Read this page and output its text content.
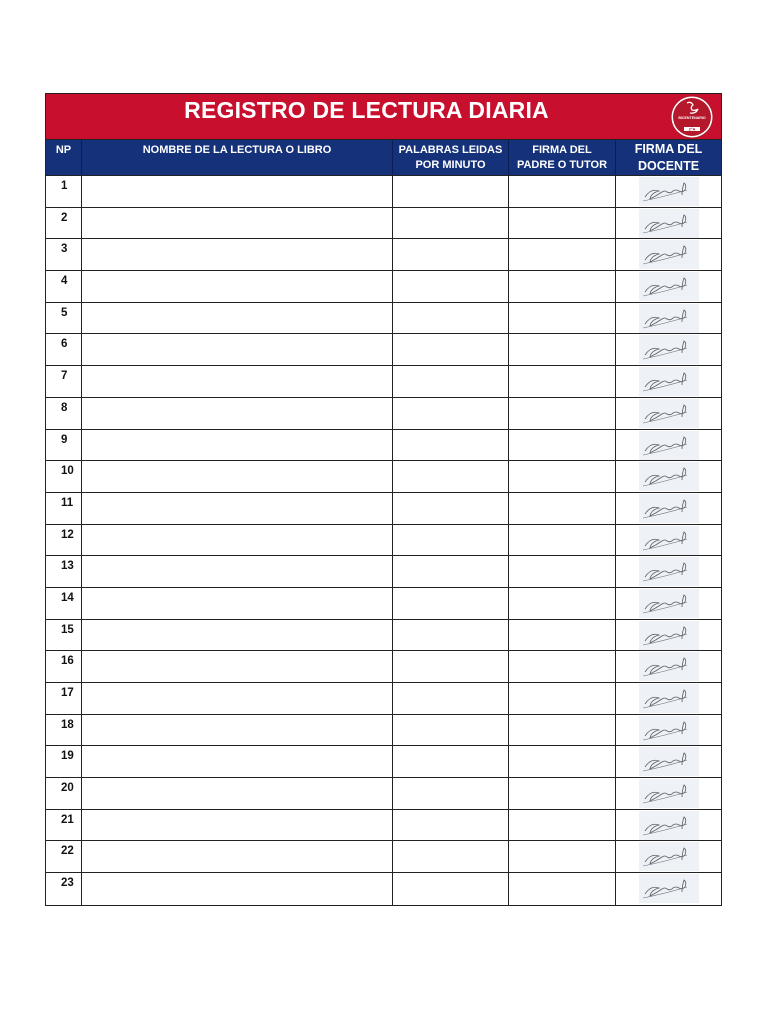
REGISTRO DE LECTURA DIARIA
2°A
BICENTENARIO
NP	NOMBRE DE LA LECTURA O LIBRO	PALABRAS LEIDAS
POR MINUTO
FIRMA DEL
PADRE O TUTOR
FIRMA DEL
DOCENTE
1
2
3
4
5
6
7
8
9
10
11
12
13
14
15
16
17
18
19
20
21
22
23
